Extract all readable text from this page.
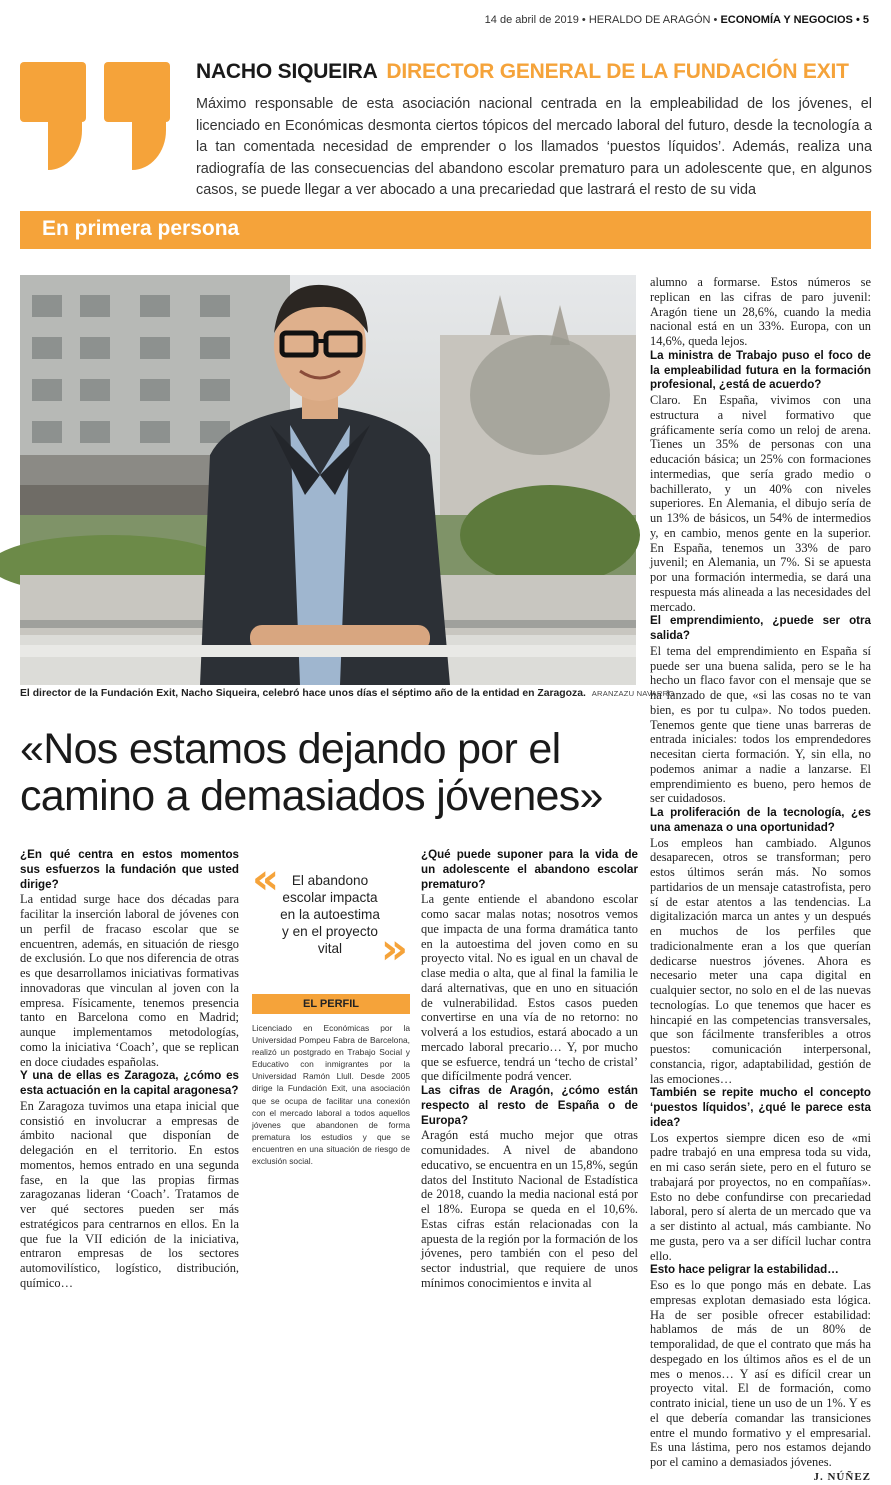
14 de abril de 2019 • HERALDO DE ARAGÓN • ECONOMÍA Y NEGOCIOS • 5
NACHO SIQUEIRA DIRECTOR GENERAL DE LA FUNDACIÓN EXIT
Máximo responsable de esta asociación nacional centrada en la empleabilidad de los jóvenes, el licenciado en Económicas desmonta ciertos tópicos del mercado laboral del futuro, desde la tecnología a la tan comentada necesidad de emprender o los llamados ‘puestos líquidos’. Además, realiza una radiografía de las consecuencias del abandono escolar prematuro para un adolescente que, en algunos casos, se puede llegar a ver abocado a una precariedad que lastrará el resto de su vida
En primera persona
El director de la Fundación Exit, Nacho Siqueira, celebró hace unos días el séptimo año de la entidad en Zaragoza. ARANZAZU NAVARRO
«Nos estamos dejando por el camino a demasiados jóvenes»

¿En qué centra en estos momentos sus esfuerzos la fundación que usted dirige?

La entidad surge hace dos décadas para facilitar la inserción laboral de jóvenes con un perfil de fracaso escolar que se encuentren, además, en situación de riesgo de exclusión. Lo que nos diferencia de otras es que desarrollamos iniciativas formativas innovadoras que vinculan al joven con la empresa. Físicamente, tenemos presencia tanto en Barcelona como en Madrid; aunque implementamos metodologías, como la iniciativa ‘Coach’, que se replican en doce ciudades españolas.

Y una de ellas es Zaragoza, ¿cómo es esta actuación en la capital aragonesa?

En Zaragoza tuvimos una etapa inicial que consistió en involucrar a empresas de ámbito nacional que disponían de delegación en el territorio. En estos momentos, hemos entrado en una segunda fase, en la que las propias firmas zaragozanas lideran ‘Coach’. Tratamos de ver qué sectores pueden ser más estratégicos para centrarnos en ellos. En la que fue la VII edición de la iniciativa, entraron empresas de los sectores automovilístico, logístico, distribución, químico…

« El abandono escolar impacta en la autoestima y en el proyecto vital »
EL PERFIL
Licenciado en Económicas por la Universidad Pompeu Fabra de Barcelona, realizó un postgrado en Trabajo Social y Educativo con inmigrantes por la Universidad Ramón Llull. Desde 2005 dirige la Fundación Exit, una asociación que se ocupa de facilitar una conexión con el mercado laboral a todos aquellos jóvenes que abandonen de forma prematura los estudios y que se encuentren en una situación de riesgo de exclusión social.

¿Qué puede suponer para la vida de un adolescente el abandono escolar prematuro?

La gente entiende el abandono escolar como sacar malas notas; nosotros vemos que impacta de una forma dramática tanto en la autoestima del joven como en su proyecto vital. No es igual en un chaval de clase media o alta, que al final la familia le dará alternativas, que en uno en situación de vulnerabilidad. Estos casos pueden convertirse en una vía de no retorno: no volverá a los estudios, estará abocado a un mercado laboral precario… Y, por mucho que se esfuerce, tendrá un ‘techo de cristal’ que difícilmente podrá vencer.

Las cifras de Aragón, ¿cómo están respecto al resto de España o de Europa?

Aragón está mucho mejor que otras comunidades. A nivel de abandono educativo, se encuentra en un 15,8%, según datos del Instituto Nacional de Estadística de 2018, cuando la media nacional está por el 18%. Europa se queda en el 10,6%. Estas cifras están relacionadas con la apuesta de la región por la formación de los jóvenes, pero también con el peso del sector industrial, que requiere de unos mínimos conocimientos e invita al

alumno a formarse. Estos números se replican en las cifras de paro juvenil: Aragón tiene un 28,6%, cuando la media nacional está en un 33%. Europa, con un 14,6%, queda lejos.

La ministra de Trabajo puso el foco de la empleabilidad futura en la formación profesional, ¿está de acuerdo?

Claro. En España, vivimos con una estructura a nivel formativo que gráficamente sería como un reloj de arena. Tienes un 35% de personas con una educación básica; un 25% con formaciones intermedias, que sería grado medio o bachillerato, y un 40% con niveles superiores. En Alemania, el dibujo sería de un 13% de básicos, un 54% de intermedios y, en cambio, menos gente en la superior. En España, tenemos un 33% de paro juvenil; en Alemania, un 7%. Si se apuesta por una formación intermedia, se dará una respuesta más alineada a las necesidades del mercado.

El emprendimiento, ¿puede ser otra salida?

El tema del emprendimiento en España sí puede ser una buena salida, pero se le ha hecho un flaco favor con el mensaje que se ha lanzado de que, «si las cosas no te van bien, es por tu culpa». No todos pueden. Tenemos gente que tiene unas barreras de entrada iniciales: todos los emprendedores necesitan cierta formación. Y, sin ella, no podemos animar a nadie a lanzarse. El emprendimiento es bueno, pero hemos de ser cuidadosos.

La proliferación de la tecnología, ¿es una amenaza o una oportunidad?

Los empleos han cambiado. Algunos desaparecen, otros se transforman; pero estos últimos serán más. No somos partidarios de un mensaje catastrofista, pero sí de estar atentos a las tendencias. La digitalización marca un antes y un después en muchos de los perfiles que tradicionalmente eran a los que querían dedicarse nuestros jóvenes. Ahora es necesario meter una capa digital en cualquier sector, no solo en el de las nuevas tecnologías. Lo que tenemos que hacer es hincapié en las competencias transversales, que son fácilmente transferibles a otros puestos: comunicación interpersonal, constancia, rigor, adaptabilidad, gestión de las emociones…

También se repite mucho el concepto ‘puestos líquidos’, ¿qué le parece esta idea?

Los expertos siempre dicen eso de «mi padre trabajó en una empresa toda su vida, en mi caso serán siete, pero en el futuro se trabajará por proyectos, no en compañías». Esto no debe confundirse con precariedad laboral, pero sí alerta de un mercado que va a ser distinto al actual, más cambiante. No me gusta, pero va a ser difícil luchar contra ello.

Esto hace peligrar la estabilidad…

Eso es lo que pongo más en debate. Las empresas explotan demasiado esta lógica. Ha de ser posible ofrecer estabilidad: hablamos de más de un 80% de temporalidad, de que el contrato que más ha despegado en los últimos años es el de un mes o menos… Y así es difícil crear un proyecto vital. El de formación, como contrato inicial, tiene un uso de un 1%. Y es el que debería comandar las transiciones entre el mundo formativo y el empresarial. Es una lástima, pero nos estamos dejando por el camino a demasiados jóvenes.

J. NÚÑEZ
